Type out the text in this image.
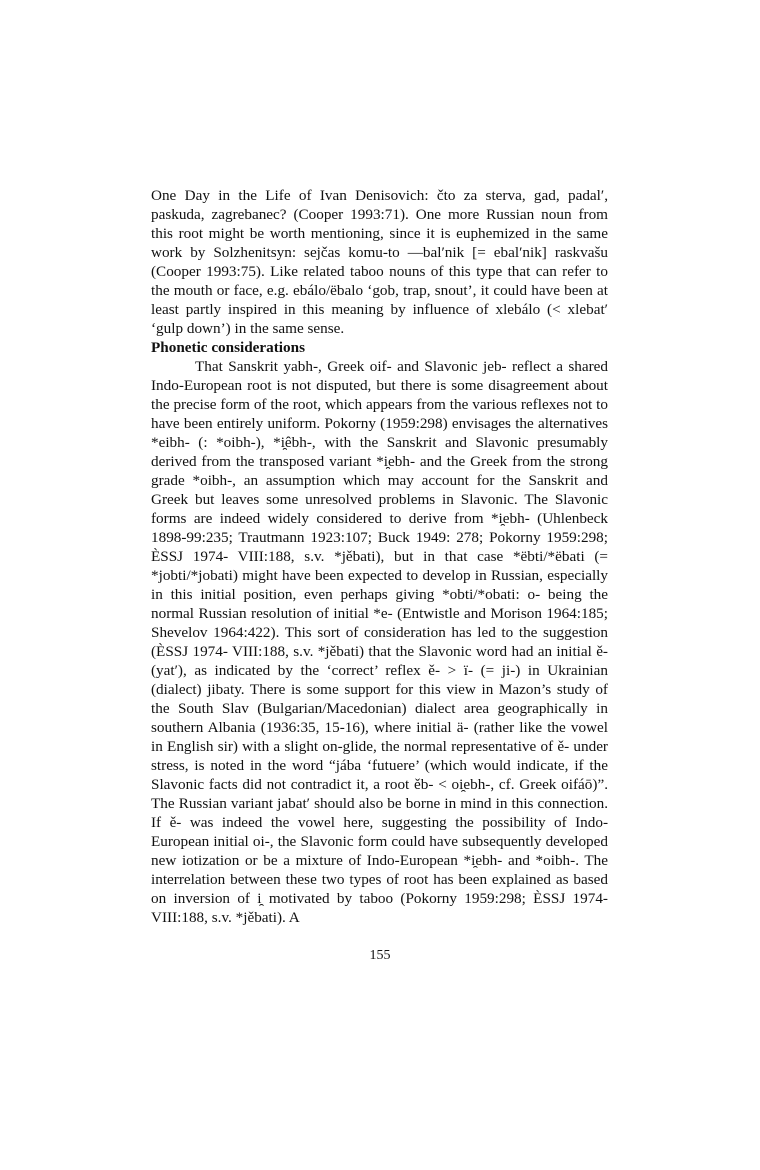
One Day in the Life of Ivan Denisovich: čto za sterva, gad, padalʹ, paskuda, zagrebanec? (Cooper 1993:71). One more Russian noun from this root might be worth mentioning, since it is euphemized in the same work by Solzhenitsyn: sejčas komu-to —balʹnik [= ebalʹnik] raskvašu (Cooper 1993:75). Like related taboo nouns of this type that can refer to the mouth or face, e.g. ebálo/ëbalo ‘gob, trap, snout’, it could have been at least partly inspired in this meaning by influence of xlebálo (< xlebatʹ ‘gulp down’) in the same sense.

Phonetic considerations

That Sanskrit yabh-, Greek oif- and Slavonic jeb- reflect a shared Indo-European root is not disputed, but there is some disagreement about the precise form of the root, which appears from the various reflexes not to have been entirely uniform. Pokorny (1959:298) envisages the alternatives *eibh- (: *oibh-), *i̯êbh-, with the Sanskrit and Slavonic presumably derived from the transposed variant *i̯ebh- and the Greek from the strong grade *oibh-, an assumption which may account for the Sanskrit and Greek but leaves some unresolved problems in Slavonic. The Slavonic forms are indeed widely considered to derive from *i̯ebh- (Uhlenbeck 1898-99:235; Trautmann 1923:107; Buck 1949: 278; Pokorny 1959:298; ÈSSJ 1974- VIII:188, s.v. *jěbati), but in that case *ëbti/*ëbati (= *jobti/*jobati) might have been expected to develop in Russian, especially in this initial position, even perhaps giving *obti/*obati: o- being the normal Russian resolution of initial *e- (Entwistle and Morison 1964:185; Shevelov 1964:422). This sort of consideration has led to the suggestion (ÈSSJ 1974- VIII:188, s.v. *jěbati) that the Slavonic word had an initial ě- (yatʹ), as indicated by the ‘correct’ reflex ě- > ї- (= ji-) in Ukrainian (dialect) jibaty. There is some support for this view in Mazon’s study of the South Slav (Bulgarian/Macedonian) dialect area geographically in southern Albania (1936:35, 15-16), where initial ä- (rather like the vowel in English sir) with a slight on-glide, the normal representative of ě- under stress, is noted in the word “jába ‘futuere’ (which would indicate, if the Slavonic facts did not contradict it, a root ěb- < oi̯ebh-, cf. Greek oifáō)”. The Russian variant jabatʹ should also be borne in mind in this connection. If ě- was indeed the vowel here, suggesting the possibility of Indo-European initial oi-, the Slavonic form could have subsequently developed new iotization or be a mixture of Indo-European *i̯ebh- and *oibh-. The interrelation between these two types of root has been explained as based on inversion of i̯ motivated by taboo (Pokorny 1959:298; ÈSSJ 1974- VIII:188, s.v. *jěbati). A

155
